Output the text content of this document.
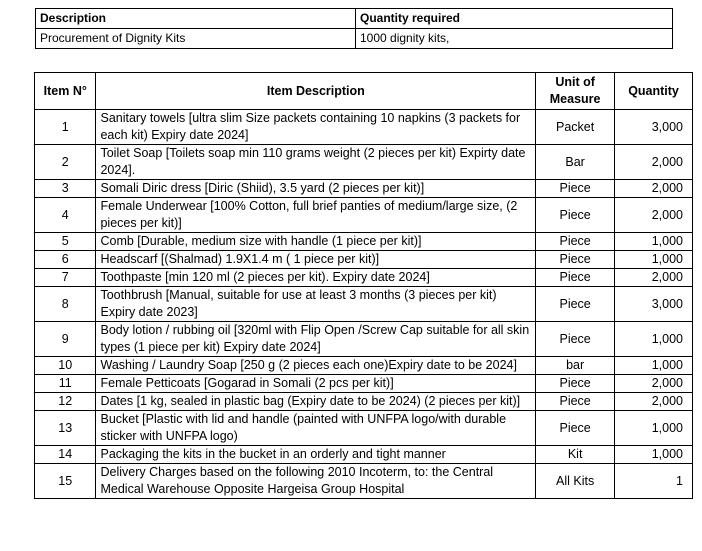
Description	Quantity required
Procurement of Dignity Kits	1000 dignity kits,
Item N°	Item Description	Unit of Measure	Quantity
1	Sanitary towels [ultra slim Size packets containing 10 napkins (3 packets for each kit) Expiry date 2024]	Packet	3,000
2	Toilet Soap [Toilets soap min 110 grams weight (2 pieces per kit) Expirty date 2024].	Bar	2,000
3	Somali Diric dress [Diric (Shiid), 3.5 yard (2 pieces per kit)]	Piece	2,000
4	Female Underwear [100% Cotton, full brief panties of medium/large size, (2 pieces per kit)]	Piece	2,000
5	Comb [Durable, medium size with handle (1 piece per kit)]	Piece	1,000
6	Headscarf [(Shalmad) 1.9X1.4 m ( 1 piece per kit)]	Piece	1,000
7	Toothpaste [min 120 ml (2 pieces per kit). Expiry date 2024]	Piece	2,000
8	Toothbrush [Manual, suitable for use at least 3 months (3 pieces per kit) Expiry date 2023]	Piece	3,000
9	Body lotion / rubbing oil [320ml with Flip Open /Screw Cap suitable for all skin types (1 piece per kit) Expiry date 2024]	Piece	1,000
10	Washing / Laundry Soap [250 g (2 pieces each one)Expiry date to be 2024]	bar	1,000
11	Female Petticoats [Gogarad in Somali (2 pcs per kit)]	Piece	2,000
12	Dates [1 kg, sealed in plastic bag (Expiry date to be 2024) (2 pieces per kit)]	Piece	2,000
13	Bucket [Plastic with lid and handle (painted with UNFPA logo/with durable sticker with UNFPA logo)	Piece	1,000
14	Packaging the kits in the bucket in an orderly and tight manner	Kit	1,000
15	Delivery Charges based on the following 2010 Incoterm, to: the Central Medical Warehouse Opposite Hargeisa Group Hospital	All Kits	1
